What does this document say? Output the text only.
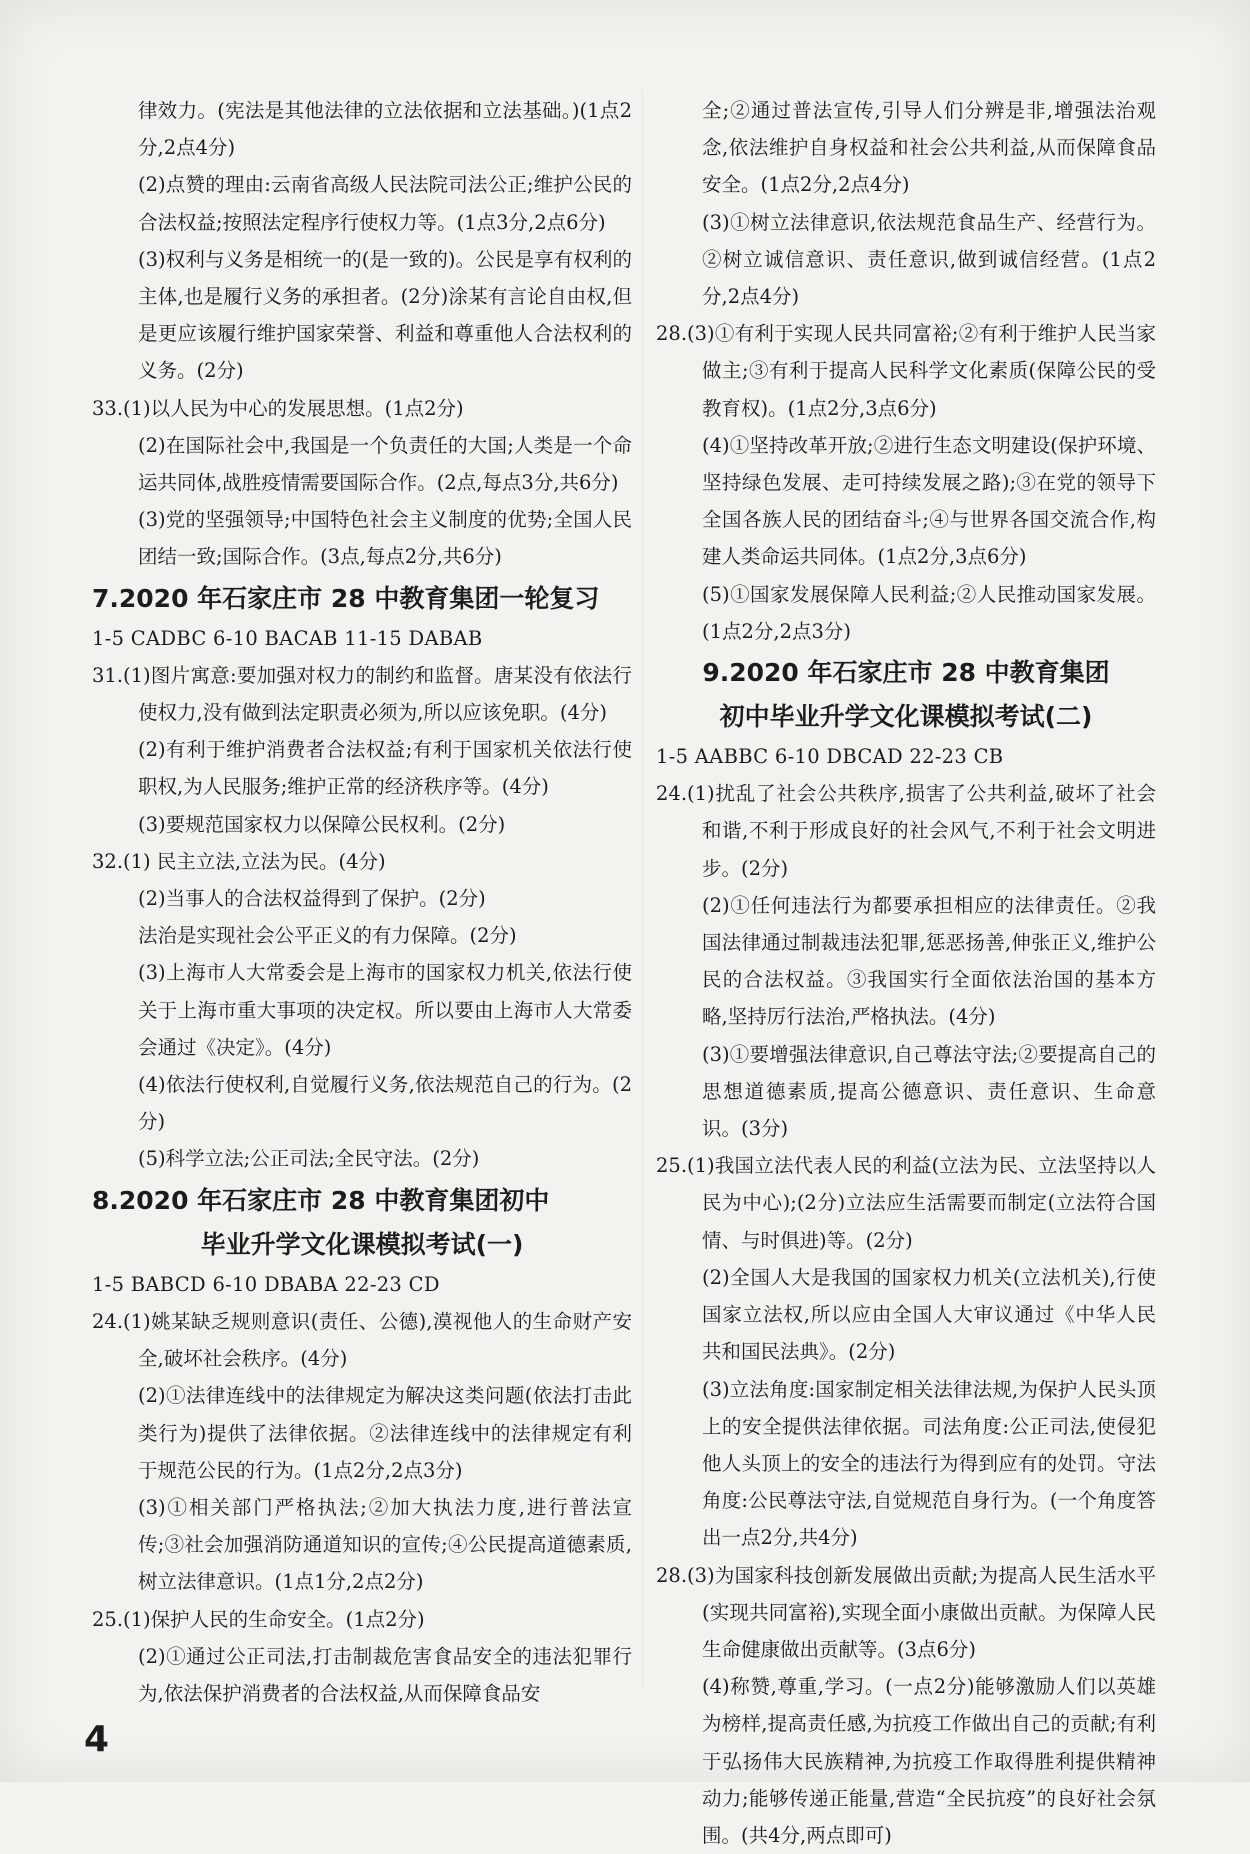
律效力。(宪法是其他法律的立法依据和立法基础。)(1点2分,2点4分)

(2)点赞的理由:云南省高级人民法院司法公正;维护公民的合法权益;按照法定程序行使权力等。(1点3分,2点6分)

(3)权利与义务是相统一的(是一致的)。公民是享有权利的主体,也是履行义务的承担者。(2分)涂某有言论自由权,但是更应该履行维护国家荣誉、利益和尊重他人合法权利的义务。(2分)

33.(1)以人民为中心的发展思想。(1点2分)

(2)在国际社会中,我国是一个负责任的大国;人类是一个命运共同体,战胜疫情需要国际合作。(2点,每点3分,共6分)

(3)党的坚强领导;中国特色社会主义制度的优势;全国人民团结一致;国际合作。(3点,每点2分,共6分)

7.2020 年石家庄市 28 中教育集团一轮复习

1-5 CADBC 6-10 BACAB 11-15 DABAB

31.(1)图片寓意:要加强对权力的制约和监督。唐某没有依法行使权力,没有做到法定职责必须为,所以应该免职。(4分)

(2)有利于维护消费者合法权益;有利于国家机关依法行使职权,为人民服务;维护正常的经济秩序等。(4分)

(3)要规范国家权力以保障公民权利。(2分)

32.(1) 民主立法,立法为民。(4分)

(2)当事人的合法权益得到了保护。(2分)

法治是实现社会公平正义的有力保障。(2分)

(3)上海市人大常委会是上海市的国家权力机关,依法行使关于上海市重大事项的决定权。所以要由上海市人大常委会通过《决定》。(4分)

(4)依法行使权利,自觉履行义务,依法规范自己的行为。(2分)

(5)科学立法;公正司法;全民守法。(2分)

8.2020 年石家庄市 28 中教育集团初中

毕业升学文化课模拟考试(一)

1-5 BABCD 6-10 DBABA 22-23 CD

24.(1)姚某缺乏规则意识(责任、公德),漠视他人的生命财产安全,破坏社会秩序。(4分)

(2)①法律连线中的法律规定为解决这类问题(依法打击此类行为)提供了法律依据。②法律连线中的法律规定有利于规范公民的行为。(1点2分,2点3分)

(3)①相关部门严格执法;②加大执法力度,进行普法宣传;③社会加强消防通道知识的宣传;④公民提高道德素质,树立法律意识。(1点1分,2点2分)

25.(1)保护人民的生命安全。(1点2分)

(2)①通过公正司法,打击制裁危害食品安全的违法犯罪行为,依法保护消费者的合法权益,从而保障食品安

全;②通过普法宣传,引导人们分辨是非,增强法治观念,依法维护自身权益和社会公共利益,从而保障食品安全。(1点2分,2点4分)

(3)①树立法律意识,依法规范食品生产、经营行为。②树立诚信意识、责任意识,做到诚信经营。(1点2分,2点4分)

28.(3)①有利于实现人民共同富裕;②有利于维护人民当家做主;③有利于提高人民科学文化素质(保障公民的受教育权)。(1点2分,3点6分)

(4)①坚持改革开放;②进行生态文明建设(保护环境、坚持绿色发展、走可持续发展之路);③在党的领导下全国各族人民的团结奋斗;④与世界各国交流合作,构建人类命运共同体。(1点2分,3点6分)

(5)①国家发展保障人民利益;②人民推动国家发展。(1点2分,2点3分)

9.2020 年石家庄市 28 中教育集团

初中毕业升学文化课模拟考试(二)

1-5 AABBC 6-10 DBCAD 22-23 CB

24.(1)扰乱了社会公共秩序,损害了公共利益,破坏了社会和谐,不利于形成良好的社会风气,不利于社会文明进步。(2分)

(2)①任何违法行为都要承担相应的法律责任。②我国法律通过制裁违法犯罪,惩恶扬善,伸张正义,维护公民的合法权益。③我国实行全面依法治国的基本方略,坚持厉行法治,严格执法。(4分)

(3)①要增强法律意识,自己尊法守法;②要提高自己的思想道德素质,提高公德意识、责任意识、生命意识。(3分)

25.(1)我国立法代表人民的利益(立法为民、立法坚持以人民为中心);(2分)立法应生活需要而制定(立法符合国情、与时俱进)等。(2分)

(2)全国人大是我国的国家权力机关(立法机关),行使国家立法权,所以应由全国人大审议通过《中华人民共和国民法典》。(2分)

(3)立法角度:国家制定相关法律法规,为保护人民头顶上的安全提供法律依据。司法角度:公正司法,使侵犯他人头顶上的安全的违法行为得到应有的处罚。守法角度:公民尊法守法,自觉规范自身行为。(一个角度答出一点2分,共4分)

28.(3)为国家科技创新发展做出贡献;为提高人民生活水平(实现共同富裕),实现全面小康做出贡献。为保障人民生命健康做出贡献等。(3点6分)

(4)称赞,尊重,学习。(一点2分)能够激励人们以英雄为榜样,提高责任感,为抗疫工作做出自己的贡献;有利于弘扬伟大民族精神,为抗疫工作取得胜利提供精神动力;能够传递正能量,营造“全民抗疫”的良好社会氛围。(共4分,两点即可)

4
